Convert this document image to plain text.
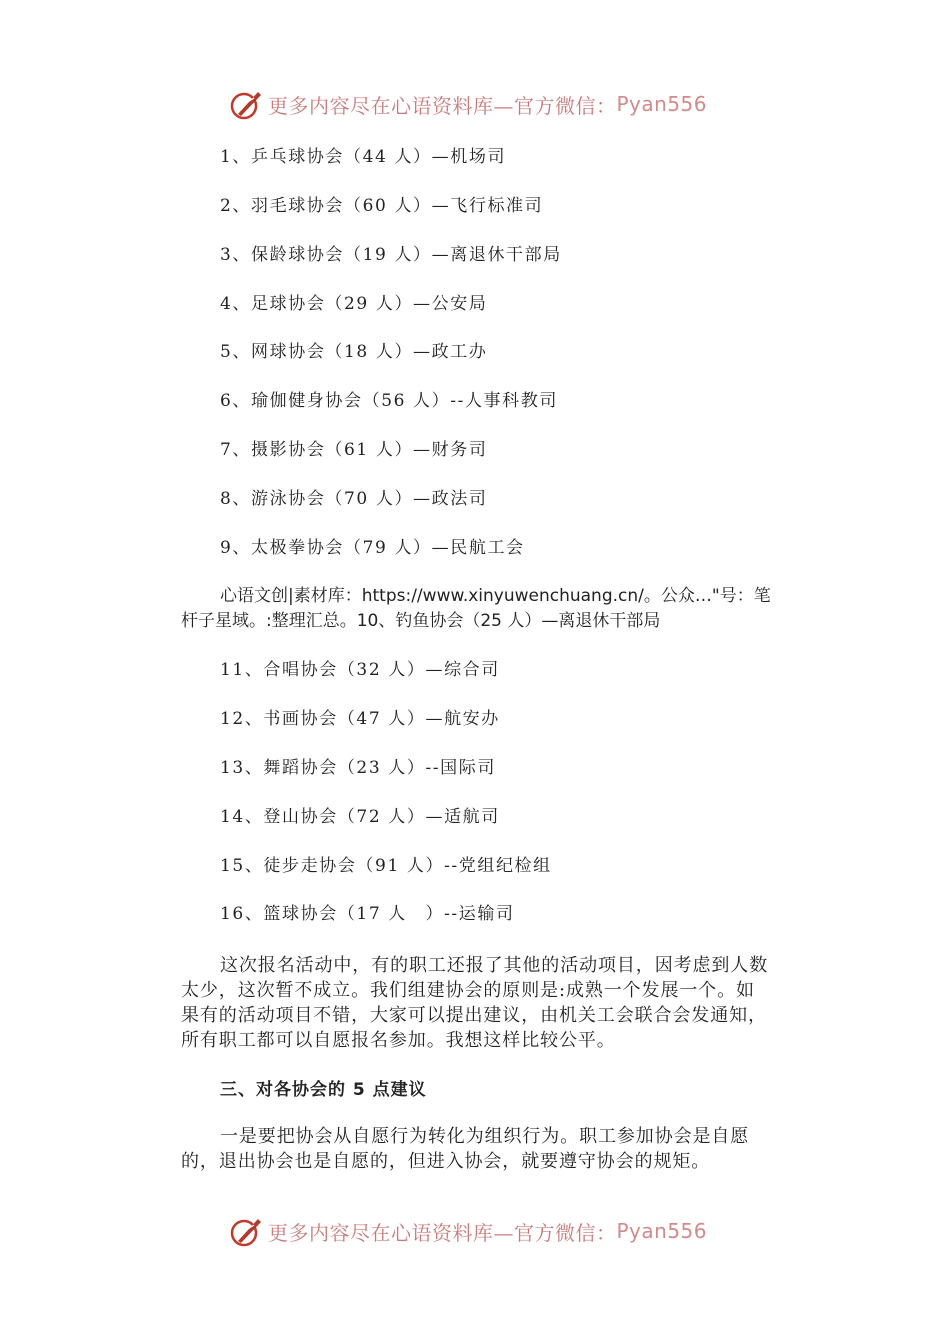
更多内容尽在心语资料库—官方微信： Pyan556
1、乒乓球协会（44 人）—机场司
2、羽毛球协会（60 人）—飞行标准司
3、保龄球协会（19 人）—离退休干部局
4、足球协会（29 人）—公安局
5、网球协会（18 人）—政工办
6、瑜伽健身协会（56 人）--人事科教司
7、摄影协会（61 人）—财务司
8、游泳协会（70 人）—政法司
9、太极拳协会（79 人）—民航工会

心语文创|素材库：https://www.xinyuwenchuang.cn/。公众…"号：笔杆子星域。:整理汇总。10、钓鱼协会（25 人）—离退休干部局

11、合唱协会（32 人）—综合司
12、书画协会（47 人）—航安办
13、舞蹈协会（23 人）--国际司
14、登山协会（72 人）—适航司
15、徒步走协会（91 人）--党组纪检组
16、篮球协会（17 人　）--运输司

这次报名活动中，有的职工还报了其他的活动项目，因考虑到人数太少，这次暂不成立。我们组建协会的原则是:成熟一个发展一个。如果有的活动项目不错，大家可以提出建议，由机关工会联合会发通知，所有职工都可以自愿报名参加。我想这样比较公平。

三、对各协会的 5 点建议

一是要把协会从自愿行为转化为组织行为。职工参加协会是自愿的，退出协会也是自愿的，但进入协会，就要遵守协会的规矩。

更多内容尽在心语资料库—官方微信： Pyan556
